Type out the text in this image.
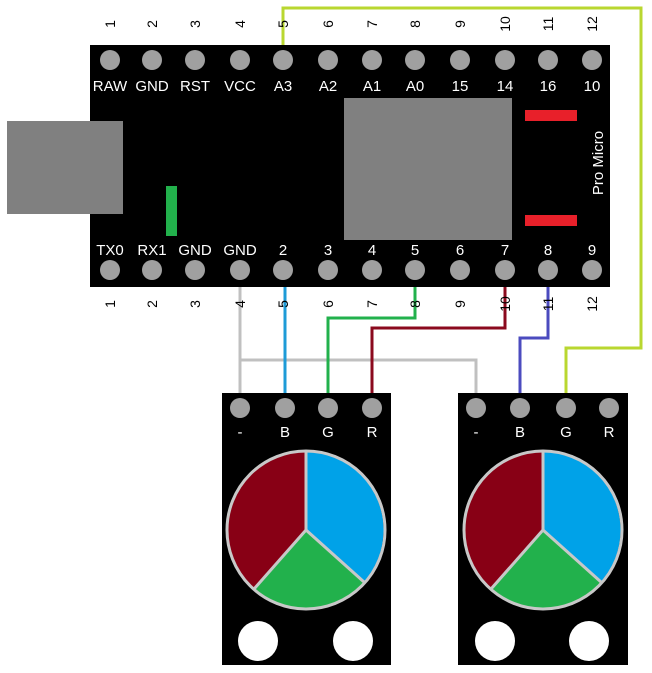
Pro Micro
RAW GND RST VCC A3 A2 A1 A0 15 14 16 10
TX0 RX1 GND GND 2 3 4 5 6 7 8 9
1 2 3 4 5 6 7 8 9 10 11 12
1 2 3 4 5 6 7 8 9 10 11 12
- B G R	- B G R
